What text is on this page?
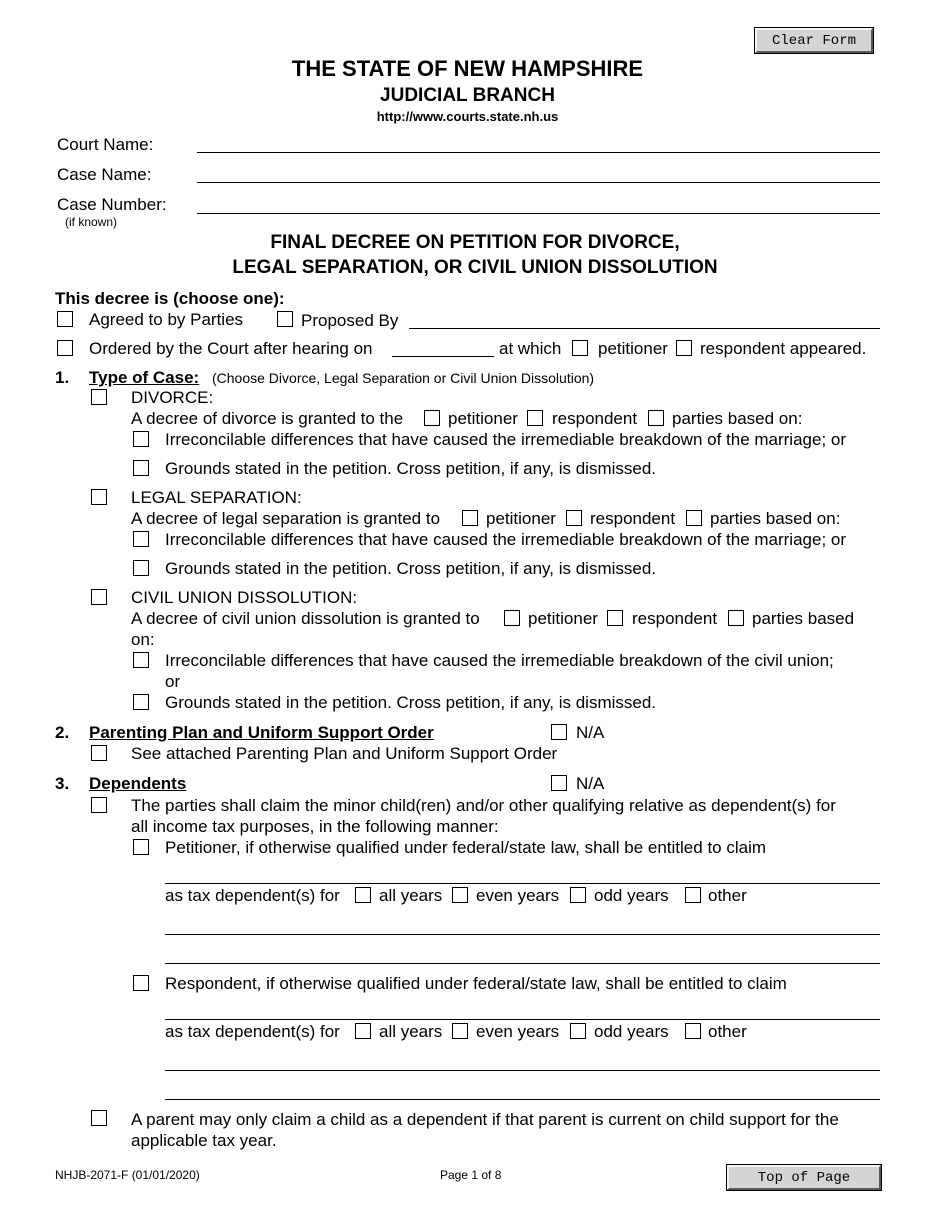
Clear Form
THE STATE OF NEW HAMPSHIRE
JUDICIAL BRANCH
http://www.courts.state.nh.us
Court Name:
Case Name:
Case Number:
(if known)
FINAL DECREE ON PETITION FOR DIVORCE,
LEGAL SEPARATION, OR CIVIL UNION DISSOLUTION
This decree is (choose one):
Agreed to by Parties	Proposed By
Ordered by the Court after hearing on	at which petitioner respondent appeared.
1. Type of Case: (Choose Divorce, Legal Separation or Civil Union Dissolution)
DIVORCE:
A decree of divorce is granted to the	petitioner respondent parties based on:
Irreconcilable differences that have caused the irremediable breakdown of the marriage; or
Grounds stated in the petition. Cross petition, if any, is dismissed.
LEGAL SEPARATION:
A decree of legal separation is granted to	petitioner respondent parties based on:
Irreconcilable differences that have caused the irremediable breakdown of the marriage; or
Grounds stated in the petition. Cross petition, if any, is dismissed.
CIVIL UNION DISSOLUTION:
A decree of civil union dissolution is granted to	petitioner respondent parties based
on:
Irreconcilable differences that have caused the irremediable breakdown of the civil union;
or
Grounds stated in the petition. Cross petition, if any, is dismissed.
2. Parenting Plan and Uniform Support Order	N/A
See attached Parenting Plan and Uniform Support Order
3. Dependents	N/A
The parties shall claim the minor child(ren) and/or other qualifying relative as dependent(s) for
all income tax purposes, in the following manner:
Petitioner, if otherwise qualified under federal/state law, shall be entitled to claim
as tax dependent(s) for all years even years odd years other
Respondent, if otherwise qualified under federal/state law, shall be entitled to claim
as tax dependent(s) for all years even years odd years other
A parent may only claim a child as a dependent if that parent is current on child support for the
applicable tax year.
NHJB-2071-F (01/01/2020)	Page 1 of 8	Top of Page
